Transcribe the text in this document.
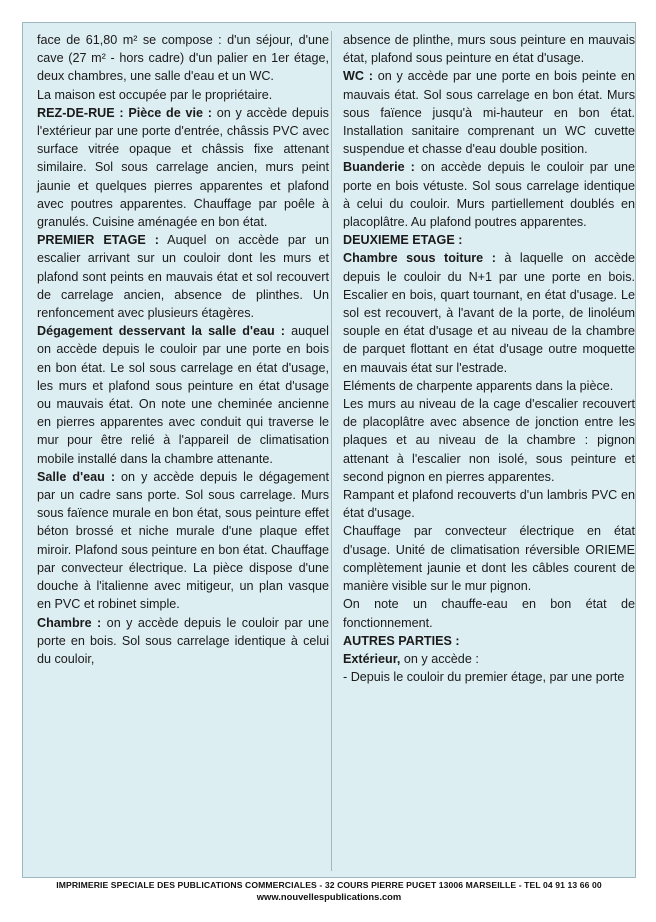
face de 61,80 m² se compose : d'un séjour, d'une cave (27 m² - hors cadre) d'un palier en 1er étage, deux chambres, une salle d'eau et un WC.

La maison est occupée par le propriétaire.

REZ-DE-RUE : Pièce de vie : on y accède depuis l'extérieur par une porte d'entrée, châssis PVC avec surface vitrée opaque et châssis fixe attenant similaire. Sol sous carrelage ancien, murs peint jaunie et quelques pierres apparentes et plafond avec poutres apparentes. Chauffage par poêle à granulés. Cuisine aménagée en bon état.

PREMIER ETAGE : Auquel on accède par un escalier arrivant sur un couloir dont les murs et plafond sont peints en mauvais état et sol recouvert de carrelage ancien, absence de plinthes. Un renfoncement avec plusieurs étagères.

Dégagement desservant la salle d'eau : auquel on accède depuis le couloir par une porte en bois en bon état. Le sol sous carrelage en état d'usage, les murs et plafond sous peinture en état d'usage ou mauvais état. On note une cheminée ancienne en pierres apparentes avec conduit qui traverse le mur pour être relié à l'appareil de climatisation mobile installé dans la chambre attenante.

Salle d'eau : on y accède depuis le dégagement par un cadre sans porte. Sol sous carrelage. Murs sous faïence murale en bon état, sous peinture effet béton brossé et niche murale d'une plaque effet miroir. Plafond sous peinture en bon état. Chauffage par convecteur électrique. La pièce dispose d'une douche à l'italienne avec mitigeur, un plan vasque en PVC et robinet simple.

Chambre : on y accède depuis le couloir par une porte en bois. Sol sous carrelage identique à celui du couloir,

absence de plinthe, murs sous peinture en mauvais état, plafond sous peinture en état d'usage.

WC : on y accède par une porte en bois peinte en mauvais état. Sol sous carrelage en bon état. Murs sous faïence jusqu'à mi-hauteur en bon état. Installation sanitaire comprenant un WC cuvette suspendue et chasse d'eau double position.

Buanderie : on accède depuis le couloir par une porte en bois vétuste. Sol sous carrelage identique à celui du couloir. Murs partiellement doublés en placoplâtre. Au plafond poutres apparentes.

DEUXIEME ETAGE :

Chambre sous toiture : à laquelle on accède depuis le couloir du N+1 par une porte en bois. Escalier en bois, quart tournant, en état d'usage. Le sol est recouvert, à l'avant de la porte, de linoléum souple en état d'usage et au niveau de la chambre de parquet flottant en état d'usage outre moquette en mauvais état sur l'estrade.

Eléments de charpente apparents dans la pièce.

Les murs au niveau de la cage d'escalier recouvert de placoplâtre avec absence de jonction entre les plaques et au niveau de la chambre : pignon attenant à l'escalier non isolé, sous peinture et second pignon en pierres apparentes.

Rampant et plafond recouverts d'un lambris PVC en état d'usage.

Chauffage par convecteur électrique en état d'usage. Unité de climatisation réversible ORIEME complètement jaunie et dont les câbles courent de manière visible sur le mur pignon.

On note un chauffe-eau en bon état de fonctionnement.

AUTRES PARTIES :

Extérieur, on y accède :

- Depuis le couloir du premier étage, par une porte

IMPRIMERIE SPECIALE DES PUBLICATIONS COMMERCIALES - 32 COURS PIERRE PUGET 13006 MARSEILLE - TEL 04 91 13 66 00
www.nouvellespublications.com
